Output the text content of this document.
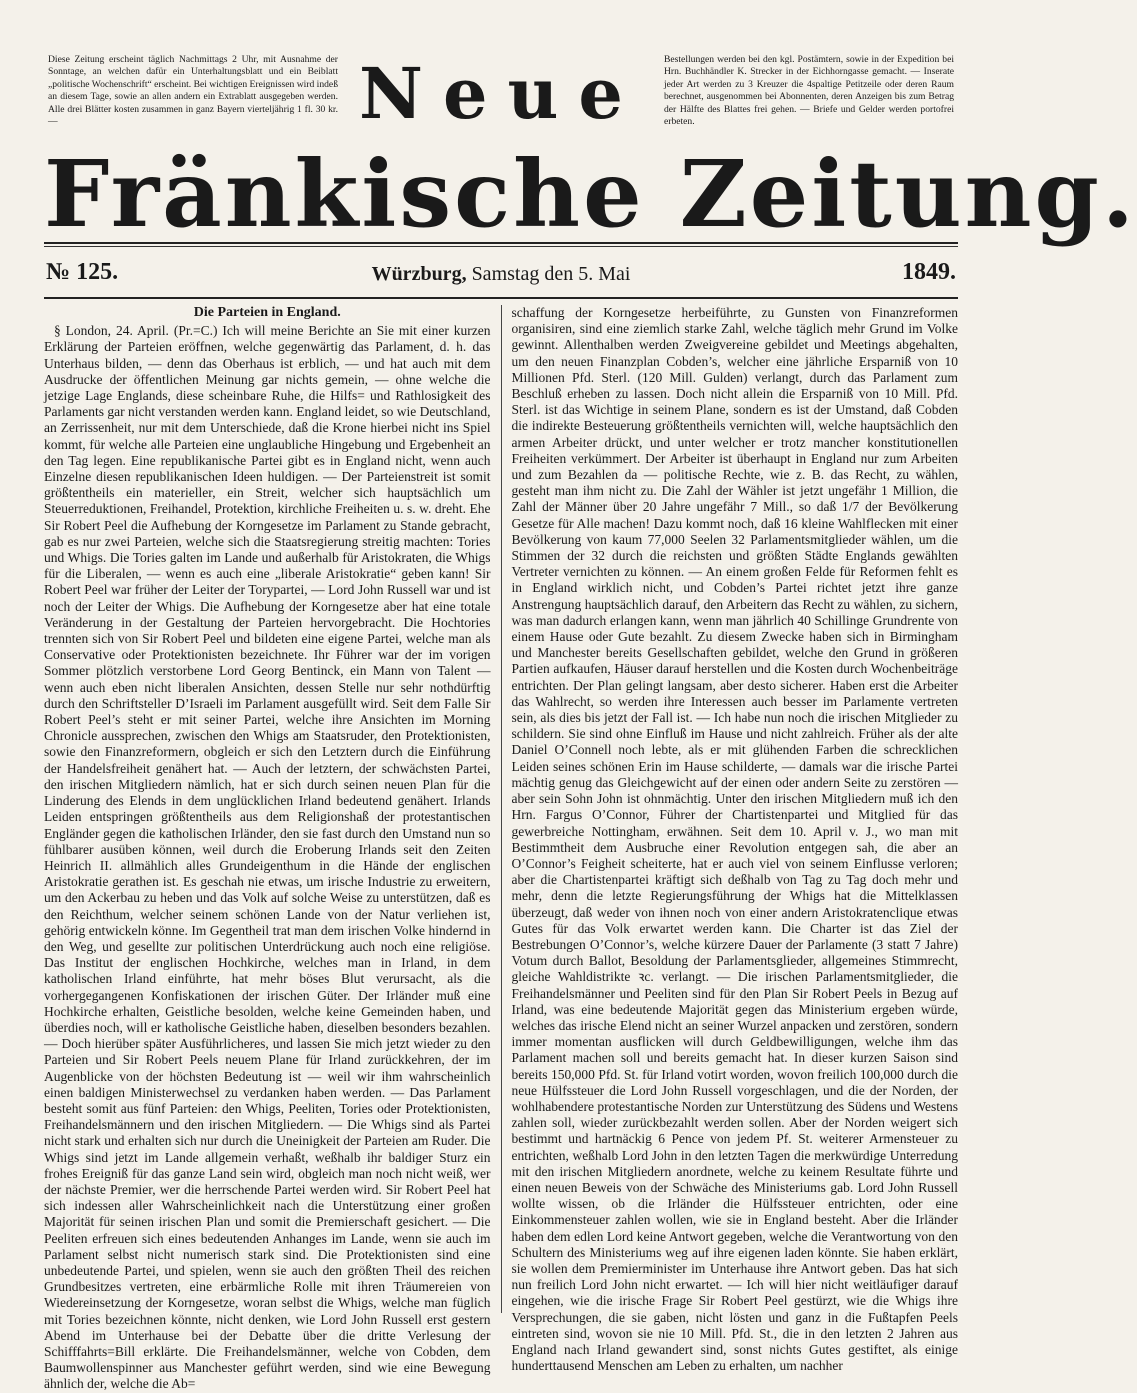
Diese Zeitung erscheint täglich Nachmittags 2 Uhr, mit Ausnahme der Sonntage, an welchen dafür ein Unterhaltungsblatt und ein Beiblatt „politische Wochenschrift“ erscheint. Bei wichtigen Ereignissen wird indeß an diesem Tage, sowie an allen andern ein Extrablatt ausgegeben werden. Alle drei Blätter kosten zusammen in ganz Bayern vierteljährig 1 fl. 30 kr. —
Bestellungen werden bei den kgl. Postämtern, sowie in der Expedition bei Hrn. Buchhändler K. Strecker in der Eichhorngasse gemacht. — Inserate jeder Art werden zu 3 Kreuzer die 4spaltige Petitzeile oder deren Raum berechnet, ausgenommen bei Abonnenten, deren Anzeigen bis zum Betrag der Hälfte des Blattes frei gehen. — Briefe und Gelder werden portofrei erbeten.
Neue
Fränkische Zeitung.
№ 125.	Würzburg, Samstag den 5. Mai	1849.
Die Parteien in England.

§ London, 24. April. (Pr.=C.) Ich will meine Berichte an Sie mit einer kurzen Erklärung der Parteien eröffnen, welche gegenwärtig das Parlament, d. h. das Unterhaus bilden, — denn das Oberhaus ist erblich, — und hat auch mit dem Ausdrucke der öffentlichen Meinung gar nichts gemein, — ohne welche die jetzige Lage Englands, diese scheinbare Ruhe, die Hilfs= und Rathlosigkeit des Parlaments gar nicht verstanden werden kann. England leidet, so wie Deutschland, an Zerrissenheit, nur mit dem Unterschiede, daß die Krone hierbei nicht ins Spiel kommt, für welche alle Parteien eine unglaubliche Hingebung und Ergebenheit an den Tag legen. Eine republikanische Partei gibt es in England nicht, wenn auch Einzelne diesen republikanischen Ideen huldigen. — Der Parteienstreit ist somit größtentheils ein materieller, ein Streit, welcher sich hauptsächlich um Steuerreduktionen, Freihandel, Protektion, kirchliche Freiheiten u. s. w. dreht. Ehe Sir Robert Peel die Aufhebung der Korngesetze im Parlament zu Stande gebracht, gab es nur zwei Parteien, welche sich die Staatsregierung streitig machten: Tories und Whigs. Die Tories galten im Lande und außerhalb für Aristokraten, die Whigs für die Liberalen, — wenn es auch eine „liberale Aristokratie“ geben kann! Sir Robert Peel war früher der Leiter der Torypartei, — Lord John Russell war und ist noch der Leiter der Whigs. Die Aufhebung der Korngesetze aber hat eine totale Veränderung in der Gestaltung der Parteien hervorgebracht. Die Hochtories trennten sich von Sir Robert Peel und bildeten eine eigene Partei, welche man als Conservative oder Protektionisten bezeichnete. Ihr Führer war der im vorigen Sommer plötzlich verstorbene Lord Georg Bentinck, ein Mann von Talent — wenn auch eben nicht liberalen Ansichten, dessen Stelle nur sehr nothdürftig durch den Schriftsteller D’Israeli im Parlament ausgefüllt wird. Seit dem Falle Sir Robert Peel’s steht er mit seiner Partei, welche ihre Ansichten im Morning Chronicle aussprechen, zwischen den Whigs am Staatsruder, den Protektionisten, sowie den Finanzreformern, obgleich er sich den Letztern durch die Einführung der Handelsfreiheit genähert hat. — Auch der letztern, der schwächsten Partei, den irischen Mitgliedern nämlich, hat er sich durch seinen neuen Plan für die Linderung des Elends in dem unglücklichen Irland bedeutend genähert. Irlands Leiden entspringen größtentheils aus dem Religionshaß der protestantischen Engländer gegen die katholischen Irländer, den sie fast durch den Umstand nun so fühlbarer ausüben können, weil durch die Eroberung Irlands seit den Zeiten Heinrich II. allmählich alles Grundeigenthum in die Hände der englischen Aristokratie gerathen ist. Es geschah nie etwas, um irische Industrie zu erweitern, um den Ackerbau zu heben und das Volk auf solche Weise zu unterstützen, daß es den Reichthum, welcher seinem schönen Lande von der Natur verliehen ist, gehörig entwickeln könne. Im Gegentheil trat man dem irischen Volke hindernd in den Weg, und gesellte zur politischen Unterdrückung auch noch eine religiöse. Das Institut der englischen Hochkirche, welches man in Irland, in dem katholischen Irland einführte, hat mehr böses Blut verursacht, als die vorhergegangenen Konfiskationen der irischen Güter. Der Irländer muß eine Hochkirche erhalten, Geistliche besolden, welche keine Gemeinden haben, und überdies noch, will er katholische Geistliche haben, dieselben besonders bezahlen. — Doch hierüber später Ausführlicheres, und lassen Sie mich jetzt wieder zu den Parteien und Sir Robert Peels neuem Plane für Irland zurückkehren, der im Augenblicke von der höchsten Bedeutung ist — weil wir ihm wahrscheinlich einen baldigen Ministerwechsel zu verdanken haben werden. — Das Parlament besteht somit aus fünf Parteien: den Whigs, Peeliten, Tories oder Protektionisten, Freihandelsmännern und den irischen Mitgliedern. — Die Whigs sind als Partei nicht stark und erhalten sich nur durch die Uneinigkeit der Parteien am Ruder. Die Whigs sind jetzt im Lande allgemein verhaßt, weßhalb ihr baldiger Sturz ein frohes Ereigniß für das ganze Land sein wird, obgleich man noch nicht weiß, wer der nächste Premier, wer die herrschende Partei werden wird. Sir Robert Peel hat sich indessen aller Wahrscheinlichkeit nach die Unterstützung einer großen Majorität für seinen irischen Plan und somit die Premierschaft gesichert. — Die Peeliten erfreuen sich eines bedeutenden Anhanges im Lande, wenn sie auch im Parlament selbst nicht numerisch stark sind. Die Protektionisten sind eine unbedeutende Partei, und spielen, wenn sie auch den größten Theil des reichen Grundbesitzes vertreten, eine erbärmliche Rolle mit ihren Träumereien von Wiedereinsetzung der Korngesetze, woran selbst die Whigs, welche man füglich mit Tories bezeichnen könnte, nicht denken, wie Lord John Russell erst gestern Abend im Unterhause bei der Debatte über die dritte Verlesung der Schifffahrts=Bill erklärte. Die Freihandelsmänner, welche von Cobden, dem Baumwollenspinner aus Manchester geführt werden, sind wie eine Bewegung ähnlich der, welche die Ab=

schaffung der Korngesetze herbeiführte, zu Gunsten von Finanzreformen organisiren, sind eine ziemlich starke Zahl, welche täglich mehr Grund im Volke gewinnt. Allenthalben werden Zweigvereine gebildet und Meetings abgehalten, um den neuen Finanzplan Cobden’s, welcher eine jährliche Ersparniß von 10 Millionen Pfd. Sterl. (120 Mill. Gulden) verlangt, durch das Parlament zum Beschluß erheben zu lassen. Doch nicht allein die Ersparniß von 10 Mill. Pfd. Sterl. ist das Wichtige in seinem Plane, sondern es ist der Umstand, daß Cobden die indirekte Besteuerung größtentheils vernichten will, welche hauptsächlich den armen Arbeiter drückt, und unter welcher er trotz mancher konstitutionellen Freiheiten verkümmert. Der Arbeiter ist überhaupt in England nur zum Arbeiten und zum Bezahlen da — politische Rechte, wie z. B. das Recht, zu wählen, gesteht man ihm nicht zu. Die Zahl der Wähler ist jetzt ungefähr 1 Million, die Zahl der Männer über 20 Jahre ungefähr 7 Mill., so daß 1/7 der Bevölkerung Gesetze für Alle machen! Dazu kommt noch, daß 16 kleine Wahlflecken mit einer Bevölkerung von kaum 77,000 Seelen 32 Parlamentsmitglieder wählen, um die Stimmen der 32 durch die reichsten und größten Städte Englands gewählten Vertreter vernichten zu können. — An einem großen Felde für Reformen fehlt es in England wirklich nicht, und Cobden’s Partei richtet jetzt ihre ganze Anstrengung hauptsächlich darauf, den Arbeitern das Recht zu wählen, zu sichern, was man dadurch erlangen kann, wenn man jährlich 40 Schillinge Grundrente von einem Hause oder Gute bezahlt. Zu diesem Zwecke haben sich in Birmingham und Manchester bereits Gesellschaften gebildet, welche den Grund in größeren Partien aufkaufen, Häuser darauf herstellen und die Kosten durch Wochenbeiträge entrichten. Der Plan gelingt langsam, aber desto sicherer. Haben erst die Arbeiter das Wahlrecht, so werden ihre Interessen auch besser im Parlamente vertreten sein, als dies bis jetzt der Fall ist. — Ich habe nun noch die irischen Mitglieder zu schildern. Sie sind ohne Einfluß im Hause und nicht zahlreich. Früher als der alte Daniel O’Connell noch lebte, als er mit glühenden Farben die schrecklichen Leiden seines schönen Erin im Hause schilderte, — damals war die irische Partei mächtig genug das Gleichgewicht auf der einen oder andern Seite zu zerstören — aber sein Sohn John ist ohnmächtig. Unter den irischen Mitgliedern muß ich den Hrn. Fargus O’Connor, Führer der Chartistenpartei und Mitglied für das gewerbreiche Nottingham, erwähnen. Seit dem 10. April v. J., wo man mit Bestimmtheit dem Ausbruche einer Revolution entgegen sah, die aber an O’Connor’s Feigheit scheiterte, hat er auch viel von seinem Einflusse verloren; aber die Chartistenpartei kräftigt sich deßhalb von Tag zu Tag doch mehr und mehr, denn die letzte Regierungsführung der Whigs hat die Mittelklassen überzeugt, daß weder von ihnen noch von einer andern Aristokratenclique etwas Gutes für das Volk erwartet werden kann. Die Charter ist das Ziel der Bestrebungen O’Connor’s, welche kürzere Dauer der Parlamente (3 statt 7 Jahre) Votum durch Ballot, Besoldung der Parlamentsglieder, allgemeines Stimmrecht, gleiche Wahldistrikte ꝛc. verlangt. — Die irischen Parlamentsmitglieder, die Freihandelsmänner und Peeliten sind für den Plan Sir Robert Peels in Bezug auf Irland, was eine bedeutende Majorität gegen das Ministerium ergeben würde, welches das irische Elend nicht an seiner Wurzel anpacken und zerstören, sondern immer momentan ausflicken will durch Geldbewilligungen, welche ihm das Parlament machen soll und bereits gemacht hat. In dieser kurzen Saison sind bereits 150,000 Pfd. St. für Irland votirt worden, wovon freilich 100,000 durch die neue Hülfssteuer die Lord John Russell vorgeschlagen, und die der Norden, der wohlhabendere protestantische Norden zur Unterstützung des Südens und Westens zahlen soll, wieder zurückbezahlt werden sollen. Aber der Norden weigert sich bestimmt und hartnäckig 6 Pence von jedem Pf. St. weiterer Armensteuer zu entrichten, weßhalb Lord John in den letzten Tagen die merkwürdige Unterredung mit den irischen Mitgliedern anordnete, welche zu keinem Resultate führte und einen neuen Beweis von der Schwäche des Ministeriums gab. Lord John Russell wollte wissen, ob die Irländer die Hülfssteuer entrichten, oder eine Einkommensteuer zahlen wollen, wie sie in England besteht. Aber die Irländer haben dem edlen Lord keine Antwort gegeben, welche die Verantwortung von den Schultern des Ministeriums weg auf ihre eigenen laden könnte. Sie haben erklärt, sie wollen dem Premierminister im Unterhause ihre Antwort geben. Das hat sich nun freilich Lord John nicht erwartet. — Ich will hier nicht weitläufiger darauf eingehen, wie die irische Frage Sir Robert Peel gestürzt, wie die Whigs ihre Versprechungen, die sie gaben, nicht lösten und ganz in die Fußtapfen Peels eintreten sind, wovon sie nie 10 Mill. Pfd. St., die in den letzten 2 Jahren aus England nach Irland gewandert sind, sonst nichts Gutes gestiftet, als einige hunderttausend Menschen am Leben zu erhalten, um nachher
